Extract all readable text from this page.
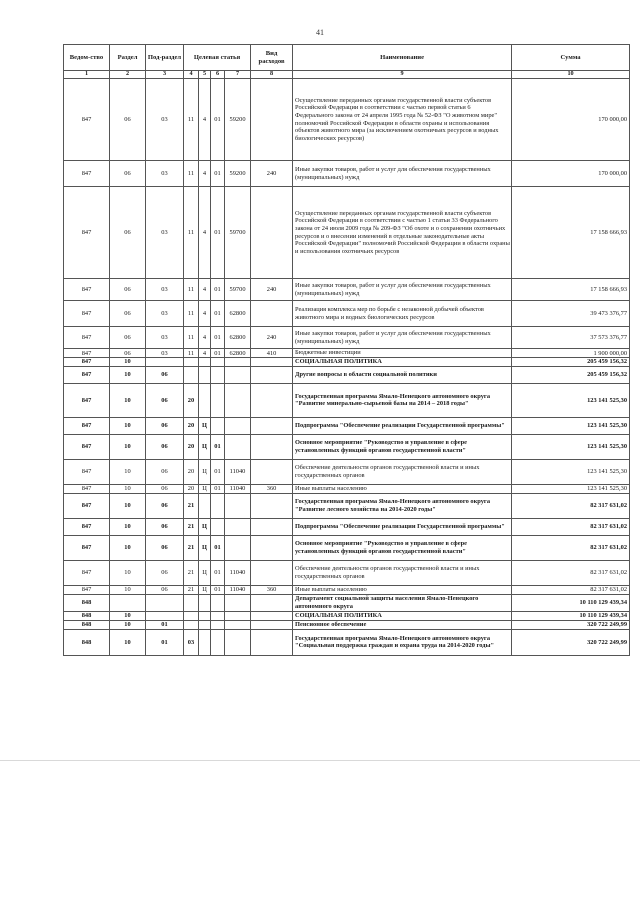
41
Ведом-ство	Раздел	Под-раздел	Целевая статья				Вид расходов	Наименование	Сумма
1	2	3	4	5	6	7	8	9	10
847	06	03	11	4	01	59200		Осуществление переданных органам государственной власти субъектов Российской Федерации в соответствии с частью первой статьи 6 Федерального закона от 24 апреля 1995 года № 52-ФЗ "О животном мире" полномочий Российской Федерации в области охраны и использования объектов животного мира (за исключением охотничьих ресурсов и водных биологических ресурсов)	170 000,00
847	06	03	11	4	01	59200	240	Иные закупки товаров, работ и услуг для обеспечения государственных (муниципальных) нужд	170 000,00
847	06	03	11	4	01	59700		Осуществление переданных органам государственной власти субъектов Российской Федерации в соответствии с частью 1 статьи 33 Федерального закона от 24 июля 2009 года № 209-ФЗ "Об охоте и о сохранении охотничьих ресурсов и о внесении изменений в отдельные законодательные акты Российской Федерации" полномочий Российской Федерации в области охраны и использования охотничьих ресурсов	17 158 666,93
847	06	03	11	4	01	59700	240	Иные закупки товаров, работ и услуг для обеспечения государственных (муниципальных) нужд	17 158 666,93
847	06	03	11	4	01	62800		Реализация комплекса мер по борьбе с незаконной добычей объектов животного мира и водных биологических ресурсов	39 473 376,77
847	06	03	11	4	01	62800	240	Иные закупки товаров, работ и услуг для обеспечения государственных (муниципальных) нужд	37 573 376,77
847	06	03	11	4	01	62800	410	Бюджетные инвестиции	1 900 000,00
847	10							СОЦИАЛЬНАЯ ПОЛИТИКА	205 459 156,32
847	10	06						Другие вопросы в области социальной политики	205 459 156,32
847	10	06	20					Государственная программа Ямало-Ненецкого автономного округа "Развитие минерально-сырьевой базы на 2014 – 2018 годы"	123 141 525,30
847	10	06	20	Ц				Подпрограмма "Обеспечение реализации Государственной программы"	123 141 525,30
847	10	06	20	Ц	01			Основное мероприятие "Руководство и управление в сфере установленных функций органов государственной власти"	123 141 525,30
847	10	06	20	Ц	01	11040		Обеспечение деятельности органов государственной власти и иных государственных органов	123 141 525,30
847	10	06	20	Ц	01	11040	360	Иные выплаты населению	123 141 525,30
847	10	06	21					Государственная программа Ямало-Ненецкого автономного округа "Развитие лесного хозяйства на 2014-2020 годы"	82 317 631,02
847	10	06	21	Ц				Подпрограмма "Обеспечение реализации Государственной программы"	82 317 631,02
847	10	06	21	Ц	01			Основное мероприятие "Руководство и управление в сфере установленных функций органов государственной власти"	82 317 631,02
847	10	06	21	Ц	01	11040		Обеспечение деятельности органов государственной власти и иных государственных органов	82 317 631,02
847	10	06	21	Ц	01	11040	360	Иные выплаты населению	82 317 631,02
848								Департамент социальной защиты населения Ямало-Ненецкого автономного округа	10 110 129 439,34
848	10							СОЦИАЛЬНАЯ ПОЛИТИКА	10 110 129 439,34
848	10	01						Пенсионное обеспечение	320 722 249,99
848	10	01	03					Государственная программа Ямало-Ненецкого автономного округа "Социальная поддержка граждан и охрана труда на 2014-2020 годы"	320 722 249,99
